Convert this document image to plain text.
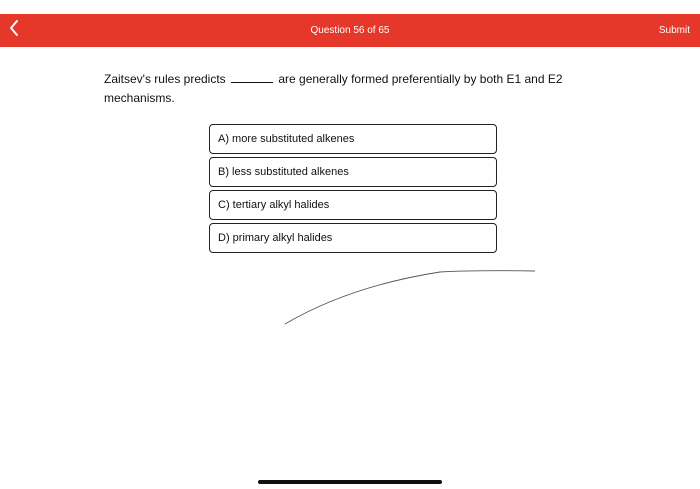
Question 56 of 65	Submit
Zaitsev's rules predicts	are generally formed preferentially by both E1 and E2 mechanisms.
A) more substituted alkenes
B) less substituted alkenes
C) tertiary alkyl halides
D) primary alkyl halides
